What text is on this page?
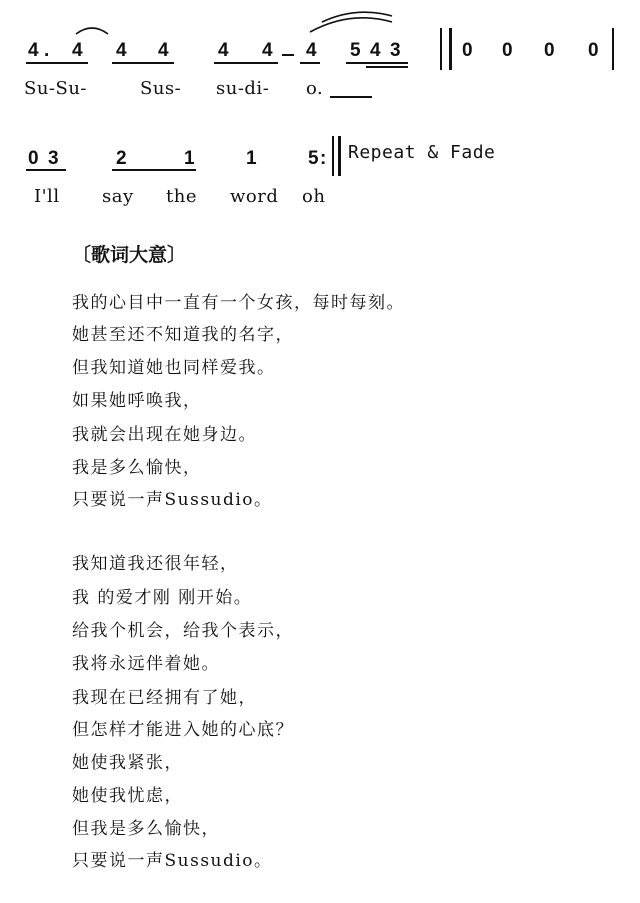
4 . 4 4 4	4 4 4 5 4 3	0 0 0 0
Su-Su-	Sus- su-di- o.
0 3	2	1	1	5 : Repeat & Fade
I'll say the word oh
〔歌词大意〕
我的心目中一直有一个女孩，每时每刻。
她甚至还不知道我的名字，
但我知道她也同样爱我。
如果她呼唤我，
我就会出现在她身边。
我是多么愉快，
只要说一声Sussudio。
我知道我还很年轻，
我 的爱才刚 刚开始。
给我个机会，给我个表示，
我将永远伴着她。
我现在已经拥有了她，
但怎样才能进入她的心底？
她使我紧张，
她使我忧虑，
但我是多么愉快，
只要说一声Sussudio。
